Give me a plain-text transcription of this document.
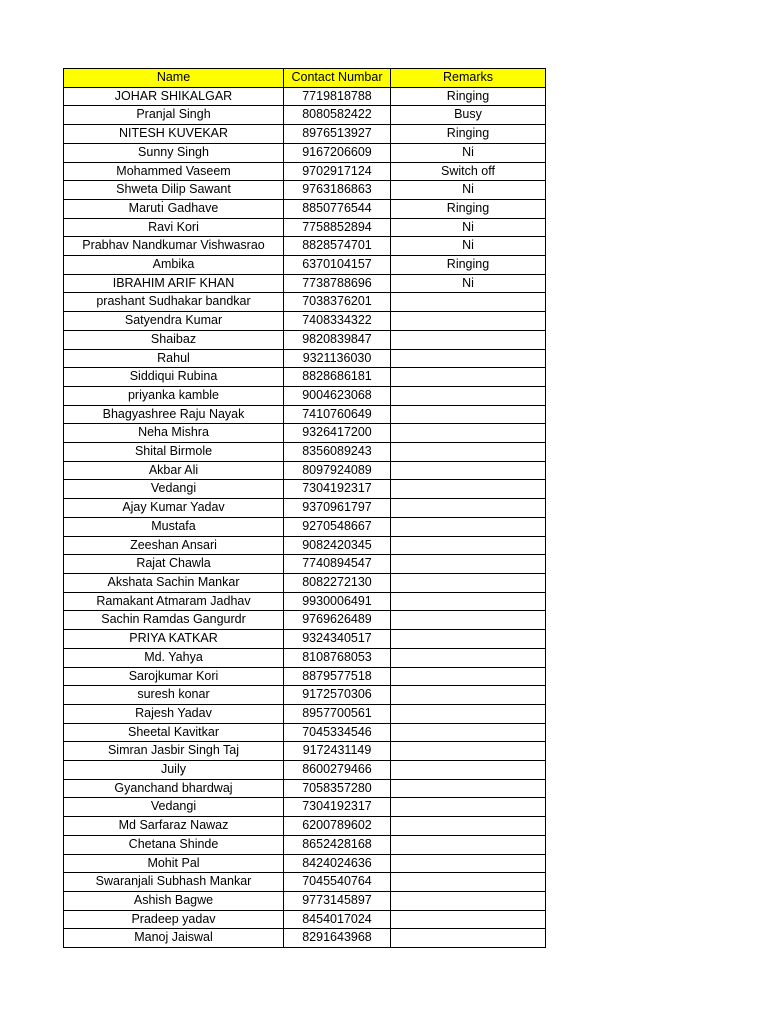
Name	Contact Numbar	Remarks
JOHAR SHIKALGAR	7719818788	Ringing
Pranjal Singh	8080582422	Busy
NITESH KUVEKAR	8976513927	Ringing
Sunny Singh	9167206609	Ni
Mohammed Vaseem	9702917124	Switch off
Shweta Dilip Sawant	9763186863	Ni
Marutı̇ Gadhave	8850776544	Ringing
Ravi Kori	7758852894	Ni
Prabhav Nandkumar Vishwasrao	8828574701	Ni
Ambika	6370104157	Ringing
IBRAHIM ARIF KHAN	7738788696	Ni
prashant Sudhakar bandkar	7038376201	
Satyendra Kumar	7408334322	
Shaibaz	9820839847	
Rahul	9321136030	
Siddiqui Rubina	8828686181	
priyanka kamble	9004623068	
Bhagyashree Raju Nayak	7410760649	
Neha Mishra	9326417200	
Shital Birmole	8356089243	
Akbar Ali	8097924089	
Vedangi	7304192317	
Ajay Kumar Yadav	9370961797	
Mustafa	9270548667	
Zeeshan Ansari	9082420345	
Rajat Chawla	7740894547	
Akshata Sachin Mankar	8082272130	
Ramakant Atmaram Jadhav	9930006491	
Sachin Ramdas Gangurdr	9769626489	
PRIYA KATKAR	9324340517	
Md. Yahya	8108768053	
Sarojkumar Kori	8879577518	
suresh konar	9172570306	
Rajesh Yadav	8957700561	
Sheetal Kavitkar	7045334546	
Simran Jasbir Singh Taj	9172431149	
Juily	8600279466	
Gyanchand bhardwaj	7058357280	
Vedangi	7304192317	
Md Sarfaraz Nawaz	6200789602	
Chetana Shinde	8652428168	
Mohit Pal	8424024636	
Swaranjali Subhash Mankar	7045540764	
Ashish Bagwe	9773145897	
Pradeep yadav	8454017024	
Manoj Jaiswal	8291643968	
